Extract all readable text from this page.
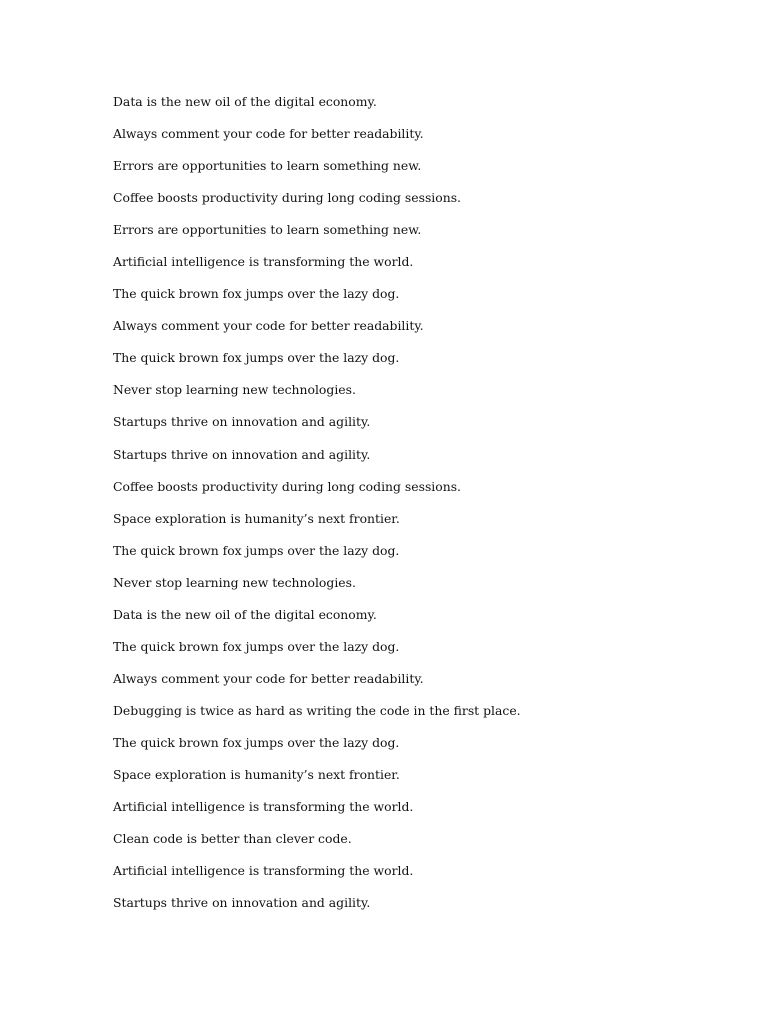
Data is the new oil of the digital economy.

Always comment your code for better readability.

Errors are opportunities to learn something new.

Coffee boosts productivity during long coding sessions.

Errors are opportunities to learn something new.

Artificial intelligence is transforming the world.

The quick brown fox jumps over the lazy dog.

Always comment your code for better readability.

The quick brown fox jumps over the lazy dog.

Never stop learning new technologies.

Startups thrive on innovation and agility.

Startups thrive on innovation and agility.

Coffee boosts productivity during long coding sessions.

Space exploration is humanity’s next frontier.

The quick brown fox jumps over the lazy dog.

Never stop learning new technologies.

Data is the new oil of the digital economy.

The quick brown fox jumps over the lazy dog.

Always comment your code for better readability.

Debugging is twice as hard as writing the code in the first place.

The quick brown fox jumps over the lazy dog.

Space exploration is humanity’s next frontier.

Artificial intelligence is transforming the world.

Clean code is better than clever code.

Artificial intelligence is transforming the world.

Startups thrive on innovation and agility.
